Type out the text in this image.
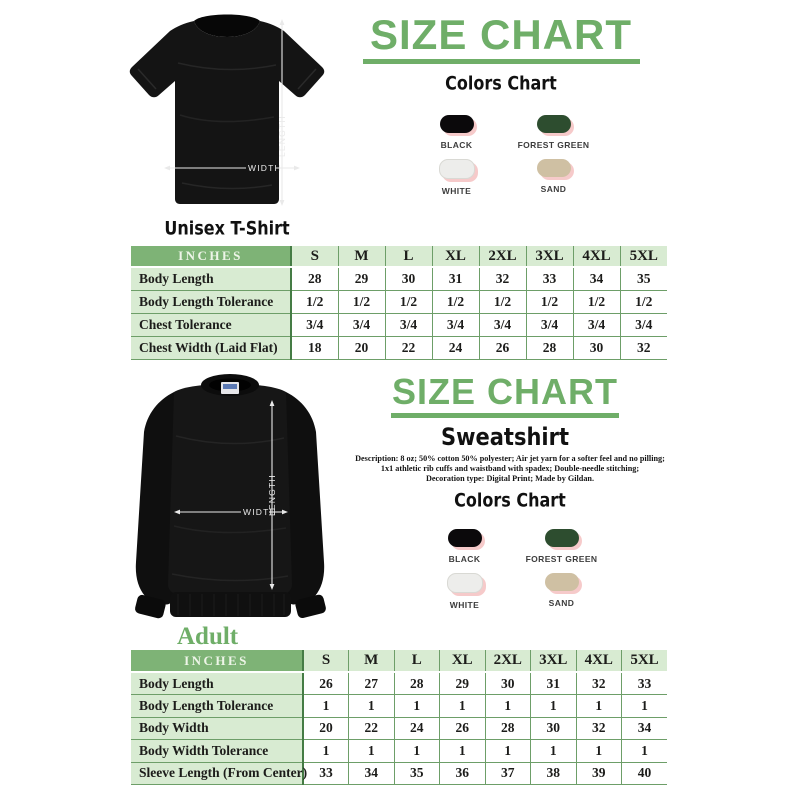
LENGTH
WIDTH
Unisex T-Shirt
SIZE CHART
Colors Chart
BLACK	FOREST GREEN
WHITE	SAND
INCHES	S	M	L	XL	2XL	3XL	4XL	5XL
Body Length	28	29	30	31	32	33	34	35
Body Length Tolerance	1/2	1/2	1/2	1/2	1/2	1/2	1/2	1/2
Chest Tolerance	3/4	3/4	3/4	3/4	3/4	3/4	3/4	3/4
Chest Width (Laid Flat)	18	20	22	24	26	28	30	32
LENGTH
WIDTH
SIZE CHART
Sweatshirt
Description: 8 oz; 50% cotton 50% polyester; Air jet yarn for a softer feel and no pilling;
1x1 athletic rib cuffs and waistband with spadex; Double-needle stitching;
Decoration type: Digital Print; Made by Gildan.
Colors Chart
BLACK	FOREST GREEN
WHITE	SAND
Adult
INCHES	S	M	L	XL	2XL	3XL	4XL	5XL
Body Length	26	27	28	29	30	31	32	33
Body Length Tolerance	1	1	1	1	1	1	1	1
Body Width	20	22	24	26	28	30	32	34
Body Width Tolerance	1	1	1	1	1	1	1	1
Sleeve Length (From Center)	33	34	35	36	37	38	39	40
